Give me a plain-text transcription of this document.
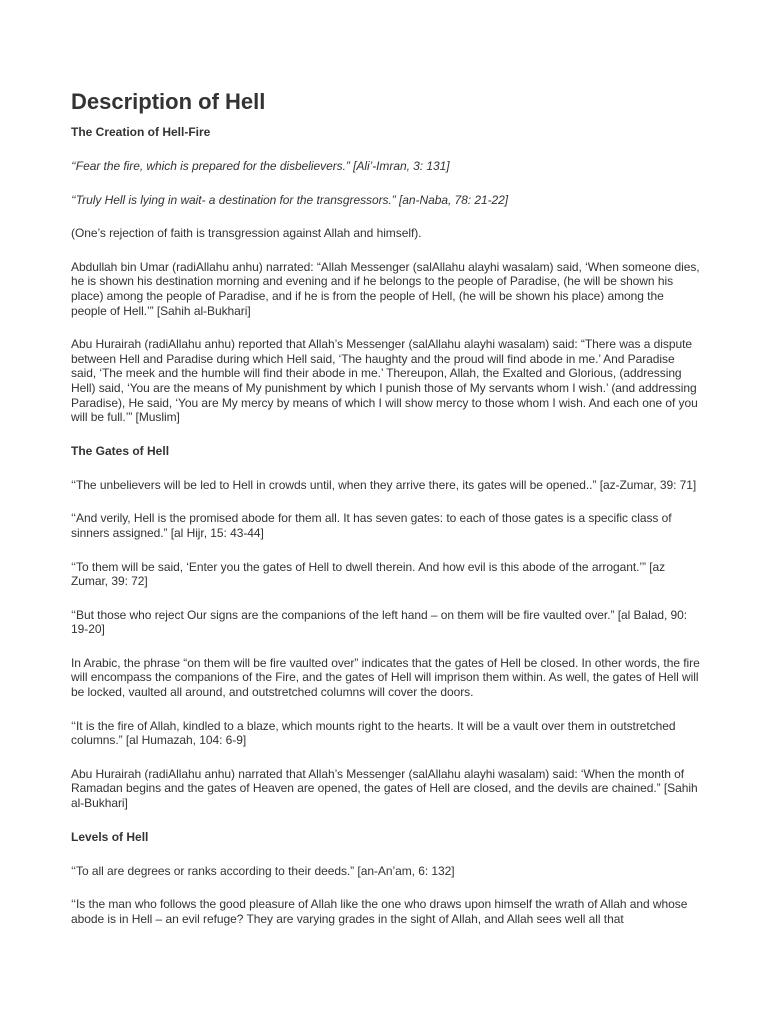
Description of Hell
The Creation of Hell-Fire

‘‘Fear the fire, which is prepared for the disbelievers.” [Ali’-Imran, 3: 131]

‘‘Truly Hell is lying in wait- a destination for the transgressors.” [an-Naba, 78: 21-22]

(One’s rejection of faith is transgression against Allah and himself).

Abdullah bin Umar (radiAllahu anhu) narrated: “Allah Messenger (salAllahu alayhi wasalam) said, ‘When someone dies, he is shown his destination morning and evening and if he belongs to the people of Paradise, (he will be shown his place) among the people of Paradise, and if he is from the people of Hell, (he will be shown his place) among the people of Hell.’” [Sahih al-Bukhari]

Abu Hurairah (radiAllahu anhu) reported that Allah’s Messenger (salAllahu alayhi wasalam) said: “There was a dispute between Hell and Paradise during which Hell said, ‘The haughty and the proud will find abode in me.’ And Paradise said, ‘The meek and the humble will find their abode in me.’ Thereupon, Allah, the Exalted and Glorious, (addressing Hell) said, ‘You are the means of My punishment by which I punish those of My servants whom I wish.’ (and addressing Paradise), He said, ‘You are My mercy by means of which I will show mercy to those whom I wish. And each one of you will be full.’” [Muslim]

The Gates of Hell

‘‘The unbelievers will be led to Hell in crowds until, when they arrive there, its gates will be opened..” [az-Zumar, 39: 71]

‘‘And verily, Hell is the promised abode for them all. It has seven gates: to each of those gates is a specific class of sinners assigned.” [al Hijr, 15: 43-44]

‘‘To them will be said, ‘Enter you the gates of Hell to dwell therein. And how evil is this abode of the arrogant.’” [az Zumar, 39: 72]

‘‘But those who reject Our signs are the companions of the left hand – on them will be fire vaulted over.” [al Balad, 90: 19-20]

In Arabic, the phrase “on them will be fire vaulted over” indicates that the gates of Hell be closed. In other words, the fire will encompass the companions of the Fire, and the gates of Hell will imprison them within. As well, the gates of Hell will be locked, vaulted all around, and outstretched columns will cover the doors.

‘‘It is the fire of Allah, kindled to a blaze, which mounts right to the hearts. It will be a vault over them in outstretched columns.” [al Humazah, 104: 6-9]

Abu Hurairah (radiAllahu anhu) narrated that Allah’s Messenger (salAllahu alayhi wasalam) said: ‘When the month of Ramadan begins and the gates of Heaven are opened, the gates of Hell are closed, and the devils are chained.” [Sahih al-Bukhari]

Levels of Hell

‘‘To all are degrees or ranks according to their deeds.” [an-An’am, 6: 132]

‘‘Is the man who follows the good pleasure of Allah like the one who draws upon himself the wrath of Allah and whose abode is in Hell – an evil refuge? They are varying grades in the sight of Allah, and Allah sees well all that
